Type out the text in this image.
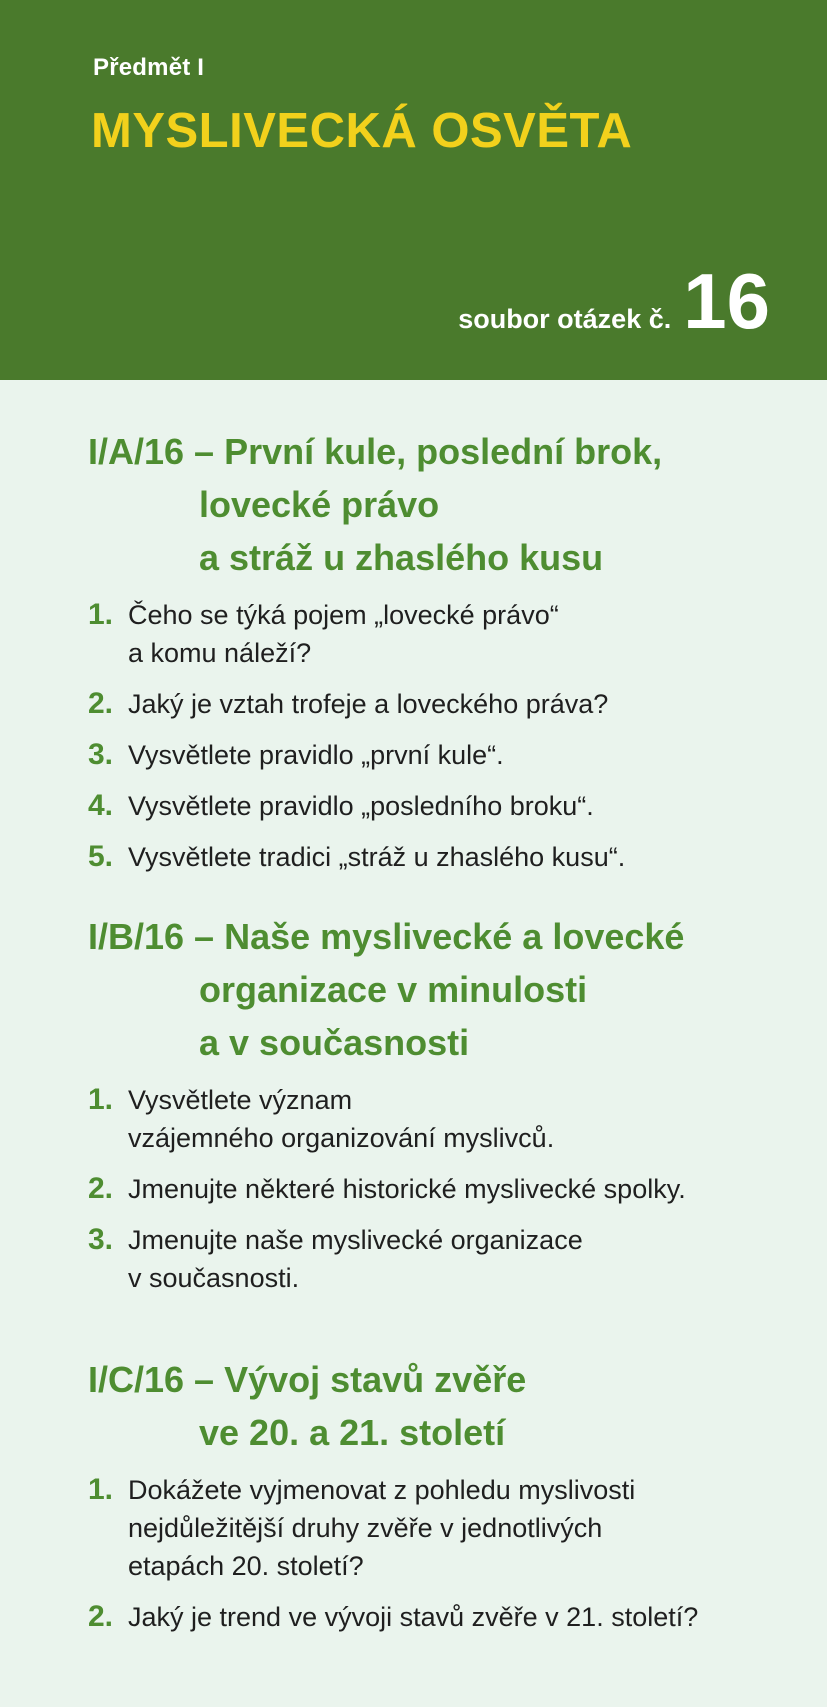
Předmět I
MYSLIVECKÁ OSVĚTA
soubor otázek č. 16
I/A/16 – První kule, poslední brok,
lovecké právo
a stráž u zhaslého kusu
1. Čeho se týká pojem „lovecké právo“
a komu náleží?
2. Jaký je vztah trofeje a loveckého práva?
3. Vysvětlete pravidlo „první kule“.
4. Vysvětlete pravidlo „posledního broku“.
5. Vysvětlete tradici „stráž u zhaslého kusu“.
I/B/16 – Naše myslivecké a lovecké
organizace v minulosti
a v současnosti
1. Vysvětlete význam
vzájemného organizování myslivců.
2. Jmenujte některé historické myslivecké spolky.
3. Jmenujte naše myslivecké organizace
v současnosti.
I/C/16 – Vývoj stavů zvěře
ve 20. a 21. století
1. Dokážete vyjmenovat z pohledu myslivosti
nejdůležitější druhy zvěře v jednotlivých
etapách 20. století?
2. Jaký je trend ve vývoji stavů zvěře v 21. století?
